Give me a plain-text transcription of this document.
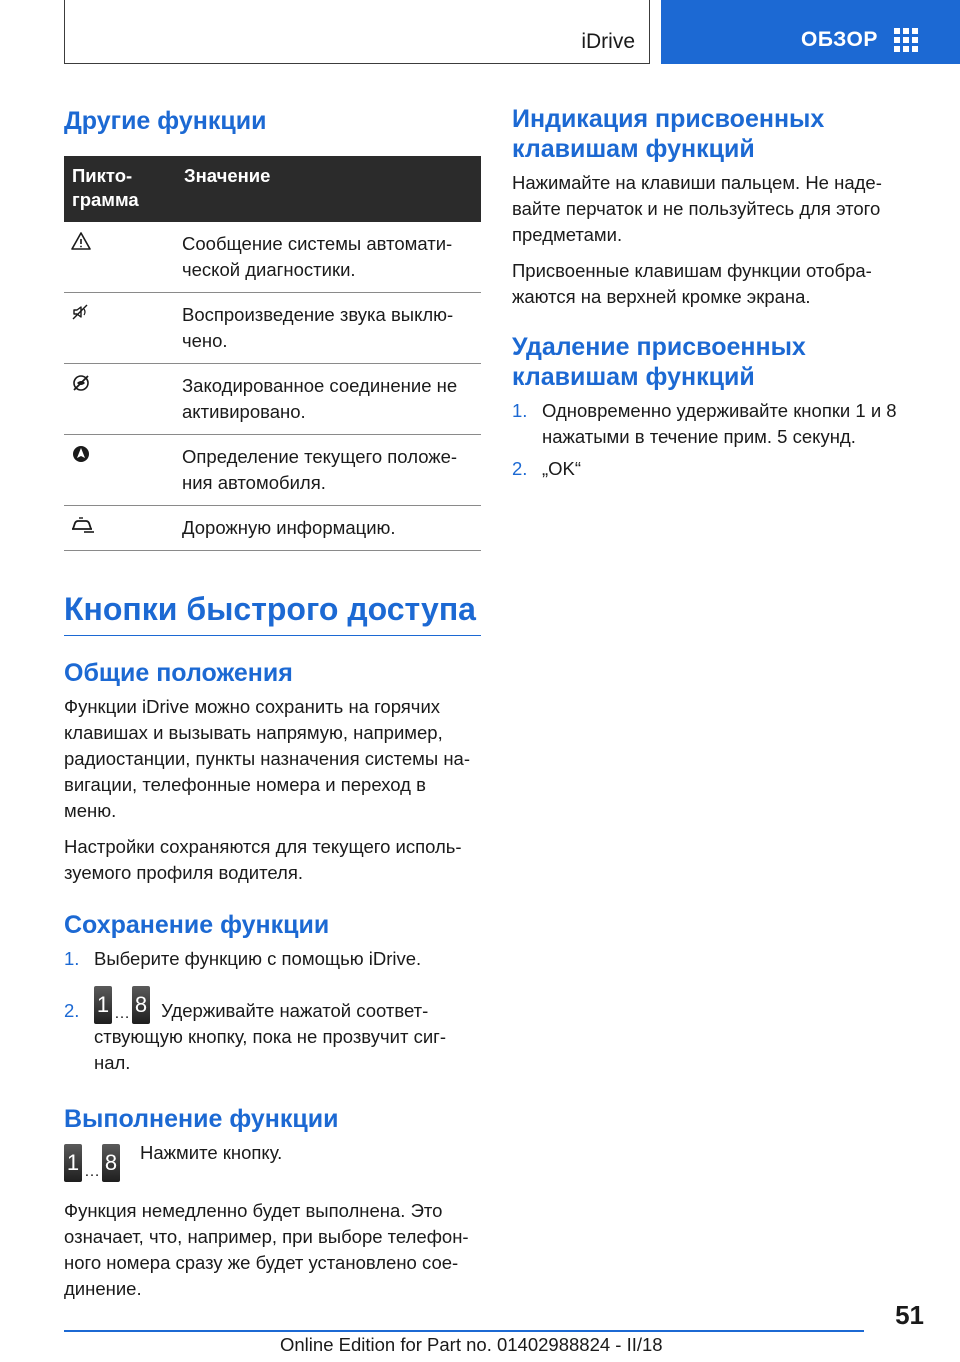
iDrive	ОБЗОР
Другие функции
Пикто-
грамма	Значение

	Сообщение системы автомати-ческой диагностики.

	Воспроизведение звука выклю-чено.

	Закодированное соединение не активировано.

	Определение текущего положе-ния автомобиля.

	Дорожную информацию.
Кнопки быстрого доступа
Общие положения
Функции iDrive можно сохранить на горячих клавишах и вызывать напрямую, например, радиостанции, пункты назначения системы на-вигации, телефонные номера и переход в меню.
Настройки сохраняются для текущего исполь-зуемого профиля водителя.
Сохранение функции
1. Выберите функцию с помощью iDrive.
2. 1 … 8 Удерживайте нажатой соответ-ствующую кнопку, пока не прозвучит сиг-нал.
Выполнение функции
1 … 8	Нажмите кнопку.
Функция немедленно будет выполнена. Это означает, что, например, при выборе телефон-ного номера сразу же будет установлено сое-динение.
Индикация присвоенных клавишам функций
Нажимайте на клавиши пальцем. Не наде-вайте перчаток и не пользуйтесь для этого предметами.
Присвоенные клавишам функции отобра-жаются на верхней кромке экрана.
Удаление присвоенных клавишам функций
1. Одновременно удерживайте кнопки 1 и 8 нажатыми в течение прим. 5 секунд.
2. „OK“
51
Online Edition for Part no. 01402988824 - II/18
